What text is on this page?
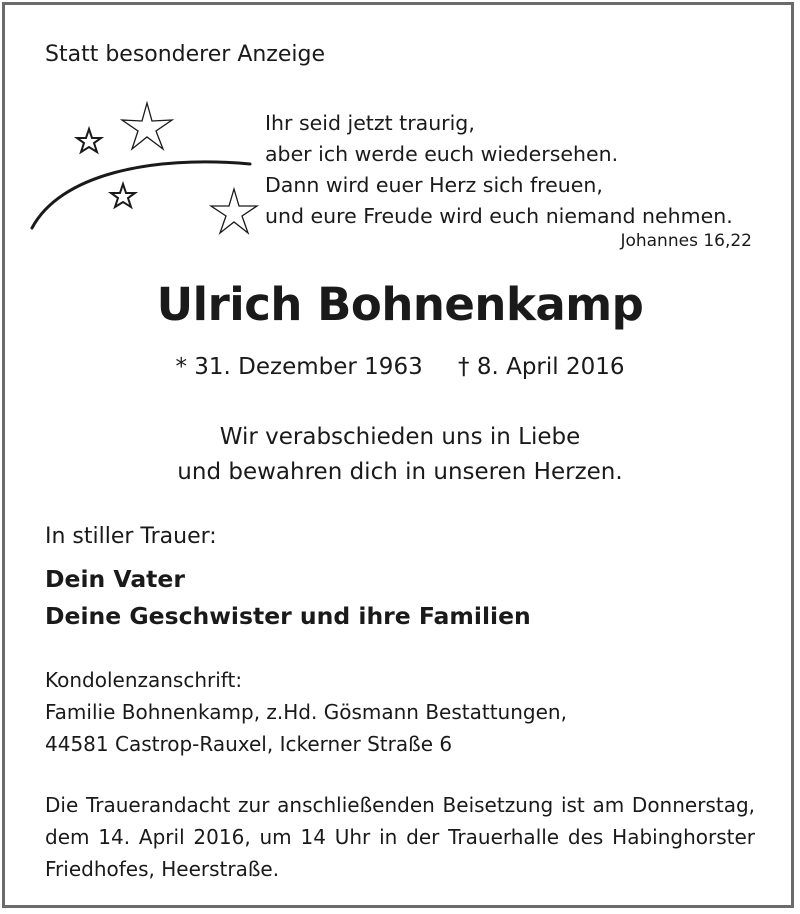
Statt besonderer Anzeige
Ihr seid jetzt traurig,
aber ich werde euch wiedersehen.
Dann wird euer Herz sich freuen,
und eure Freude wird euch niemand nehmen.
Johannes 16,22
Ulrich Bohnenkamp
* 31. Dezember 1963 † 8. April 2016
Wir verabschieden uns in Liebe
und bewahren dich in unseren Herzen.
In stiller Trauer:
Dein Vater
Deine Geschwister und ihre Familien
Kondolenzanschrift:
Familie Bohnenkamp, z.Hd. Gösmann Bestattungen,
44581 Castrop-Rauxel, Ickerner Straße 6
Die Trauerandacht zur anschließenden Beisetzung ist am Donnerstag, dem 14. April 2016, um 14 Uhr in der Trauerhalle des Habinghorster Friedhofes, Heerstraße.
